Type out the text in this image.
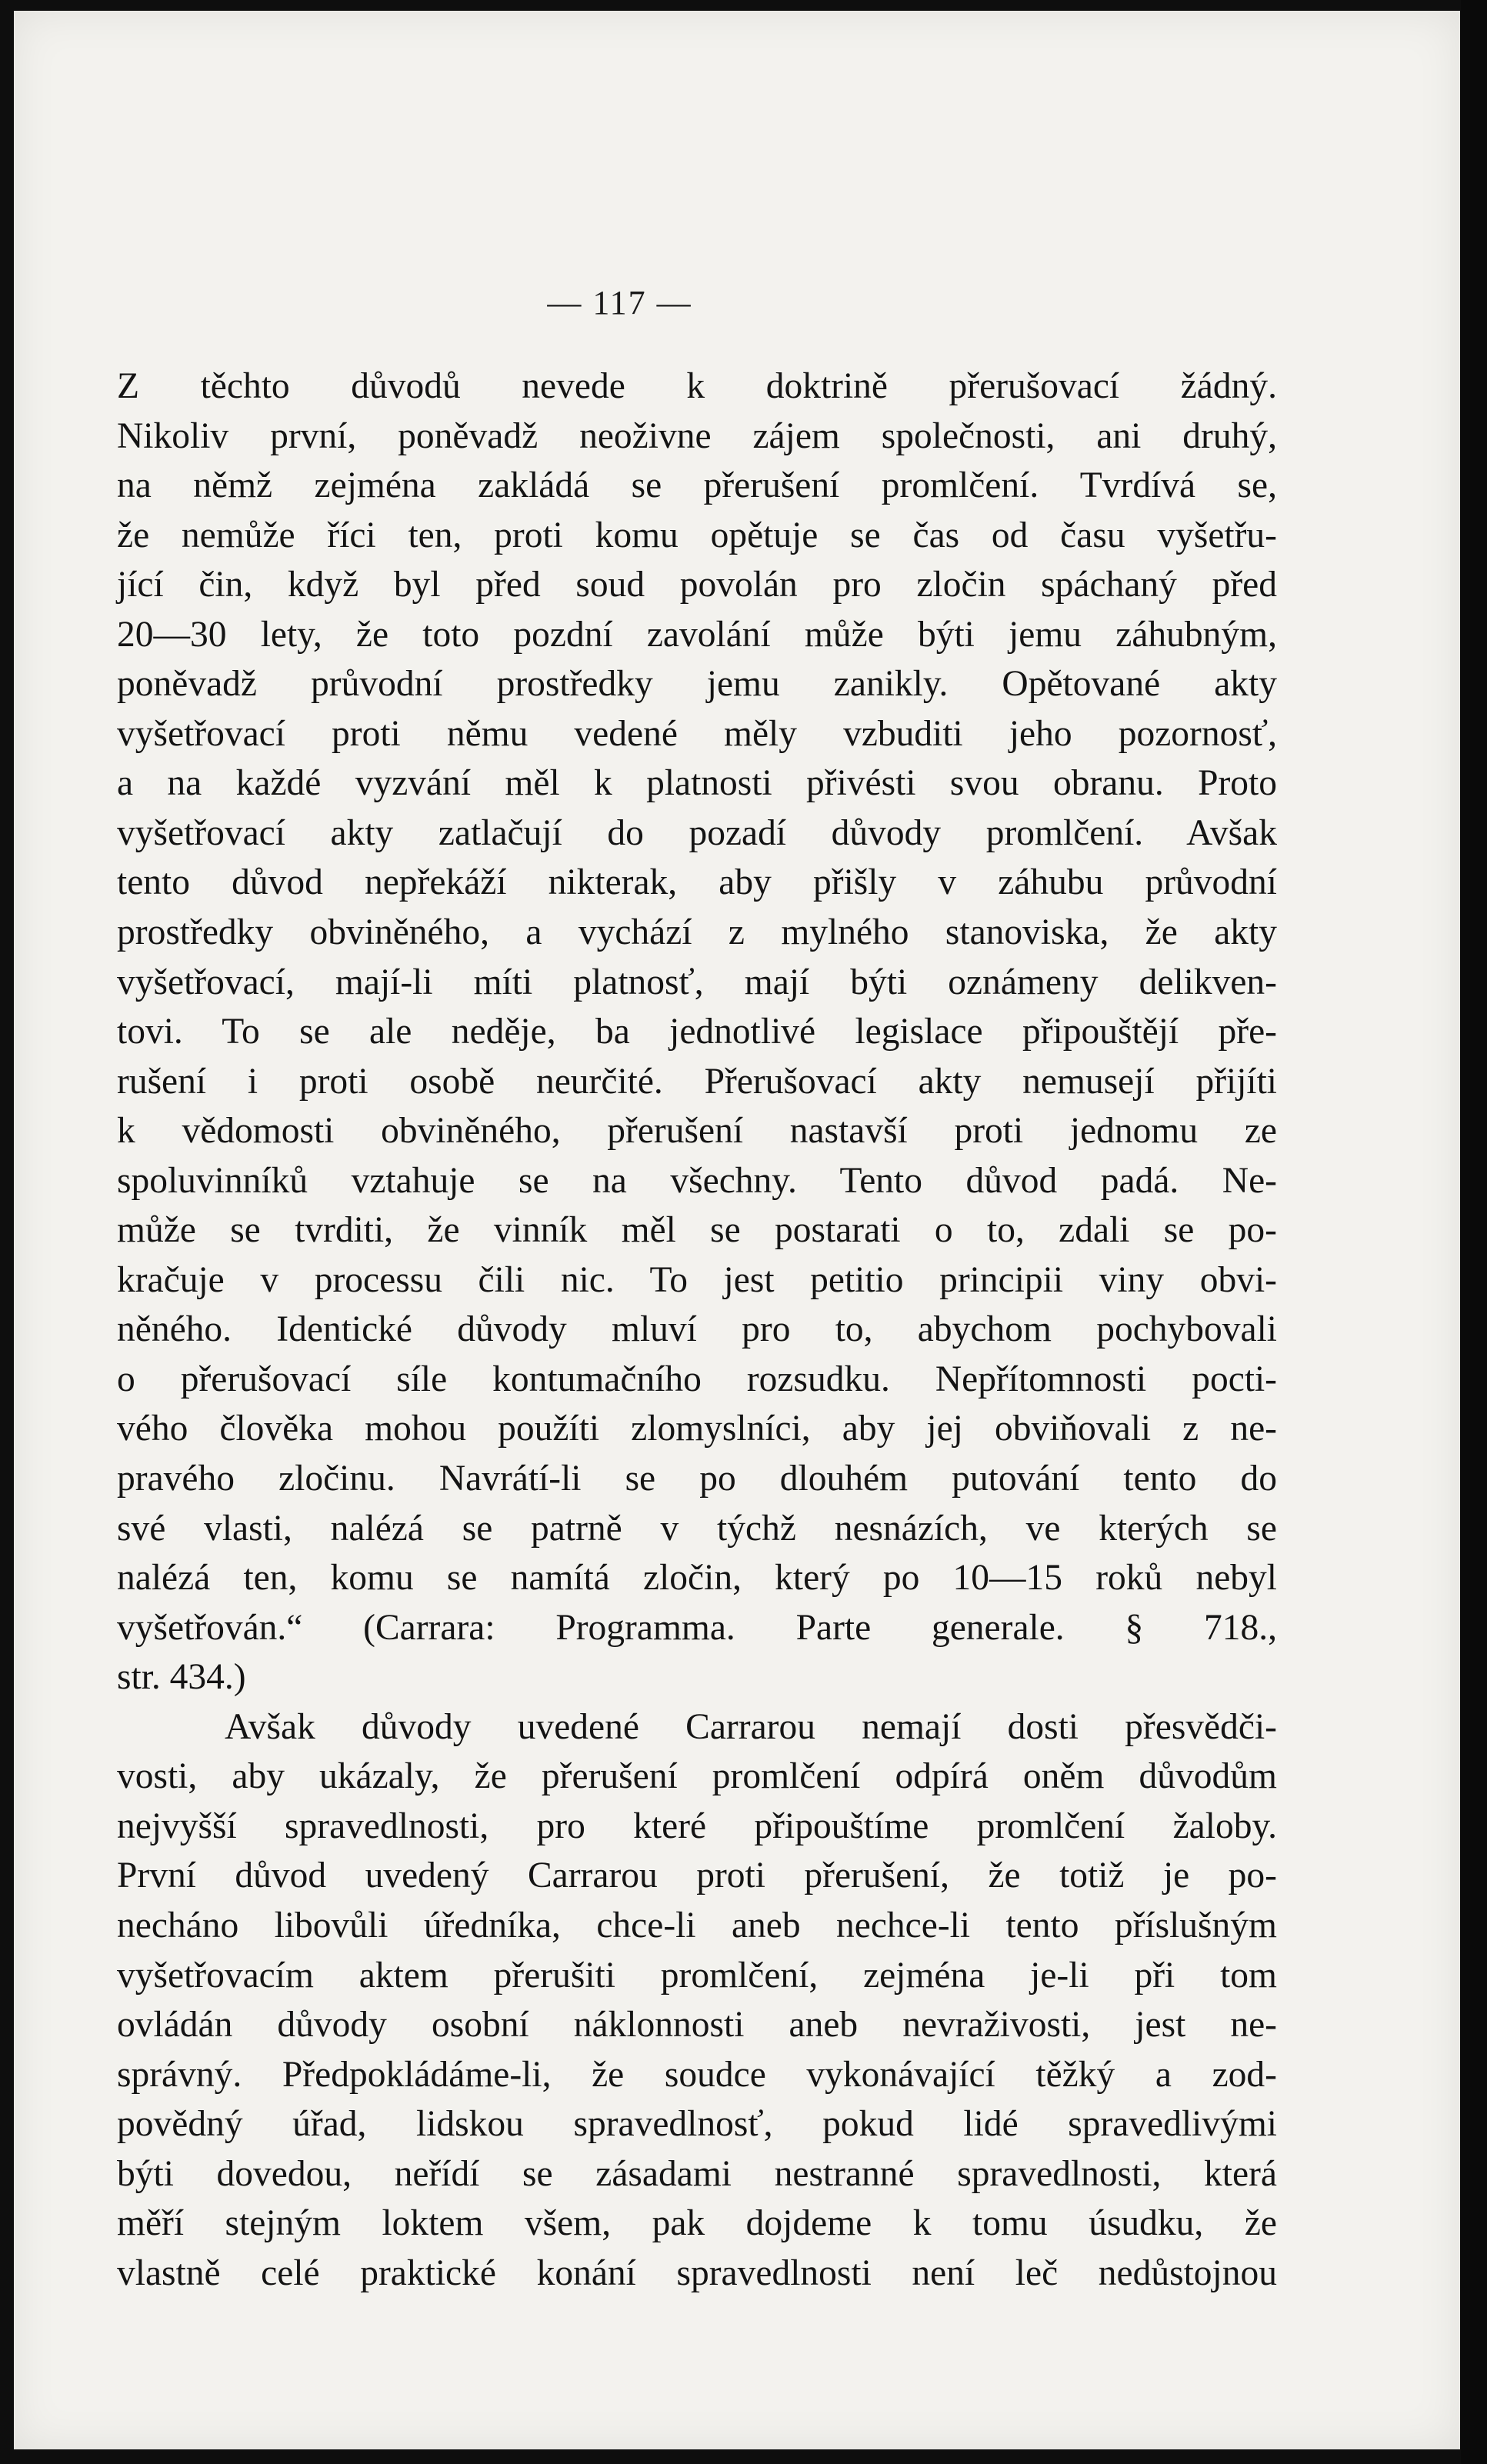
— 117 —
Z těchto důvodů nevede k doktrině přerušovací žádný.
Nikoliv první, poněvadž neoživne zájem společnosti, ani druhý,
na němž zejména zakládá se přerušení promlčení. Tvrdívá se,
že nemůže říci ten, proti komu opětuje se čas od času vyšetřu-
jící čin, když byl před soud povolán pro zločin spáchaný před
20—30 lety, že toto pozdní zavolání může býti jemu záhubným,
poněvadž průvodní prostředky jemu zanikly. Opětované akty
vyšetřovací proti němu vedené měly vzbuditi jeho pozornosť,
a na každé vyzvání měl k platnosti přivésti svou obranu. Proto
vyšetřovací akty zatlačují do pozadí důvody promlčení. Avšak
tento důvod nepřekáží nikterak, aby přišly v záhubu průvodní
prostředky obviněného, a vychází z mylného stanoviska, že akty
vyšetřovací, mají-li míti platnosť, mají býti oznámeny delikven-
tovi. To se ale neděje, ba jednotlivé legislace připouštějí pře-
rušení i proti osobě neurčité. Přerušovací akty nemusejí přijíti
k vědomosti obviněného, přerušení nastavší proti jednomu ze
spoluvinníků vztahuje se na všechny. Tento důvod padá. Ne-
může se tvrditi, že vinník měl se postarati o to, zdali se po-
kračuje v processu čili nic. To jest petitio principii viny obvi-
něného. Identické důvody mluví pro to, abychom pochybovali
o přerušovací síle kontumačního rozsudku. Nepřítomnosti pocti-
vého člověka mohou použíti zlomyslníci, aby jej obviňovali z ne-
pravého zločinu. Navrátí-li se po dlouhém putování tento do
své vlasti, nalézá se patrně v týchž nesnázích, ve kterých se
nalézá ten, komu se namítá zločin, který po 10—15 roků nebyl
vyšetřován.“ (Carrara: Programma. Parte generale. § 718.,
str. 434.)
Avšak důvody uvedené Carrarou nemají dosti přesvědči-
vosti, aby ukázaly, že přerušení promlčení odpírá oněm důvodům
nejvyšší spravedlnosti, pro které připouštíme promlčení žaloby.
První důvod uvedený Carrarou proti přerušení, že totiž je po-
necháno libovůli úředníka, chce-li aneb nechce-li tento příslušným
vyšetřovacím aktem přerušiti promlčení, zejména je-li při tom
ovládán důvody osobní náklonnosti aneb nevraživosti, jest ne-
správný. Předpokládáme-li, že soudce vykonávající těžký a zod-
povědný úřad, lidskou spravedlnosť, pokud lidé spravedlivými
býti dovedou, neřídí se zásadami nestranné spravedlnosti, která
měří stejným loktem všem, pak dojdeme k tomu úsudku, že
vlastně celé praktické konání spravedlnosti není leč nedůstojnou
